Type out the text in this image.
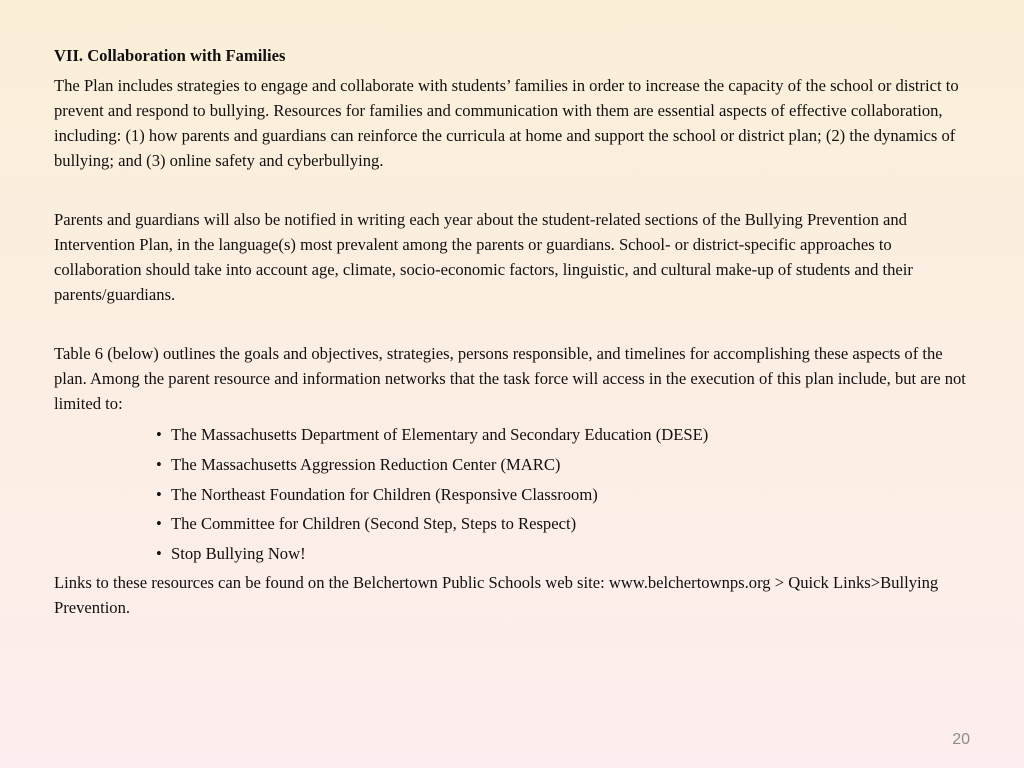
VII. Collaboration with Families

The Plan includes strategies to engage and collaborate with students’ families in order to increase the capacity of the school or district to prevent and respond to bullying. Resources for families and communication with them are essential aspects of effective collaboration, including: (1) how parents and guardians can reinforce the curricula at home and support the school or district plan; (2) the dynamics of bullying; and (3) online safety and cyberbullying.

Parents and guardians will also be notified in writing each year about the student-related sections of the Bullying Prevention and Intervention Plan, in the language(s) most prevalent among the parents or guardians. School- or district-specific approaches to collaboration should take into account age, climate, socio-economic factors, linguistic, and cultural make-up of students and their parents/guardians.

Table 6 (below) outlines the goals and objectives, strategies, persons responsible, and timelines for accomplishing these aspects of the plan. Among the parent resource and information networks that the task force will access in the execution of this plan include, but are not limited to:

• The Massachusetts Department of Elementary and Secondary Education (DESE)
• The Massachusetts Aggression Reduction Center (MARC)
• The Northeast Foundation for Children (Responsive Classroom)
• The Committee for Children (Second Step, Steps to Respect)
• Stop Bullying Now!

Links to these resources can be found on the Belchertown Public Schools web site: www.belchertownps.org > Quick Links>Bullying Prevention.

20
